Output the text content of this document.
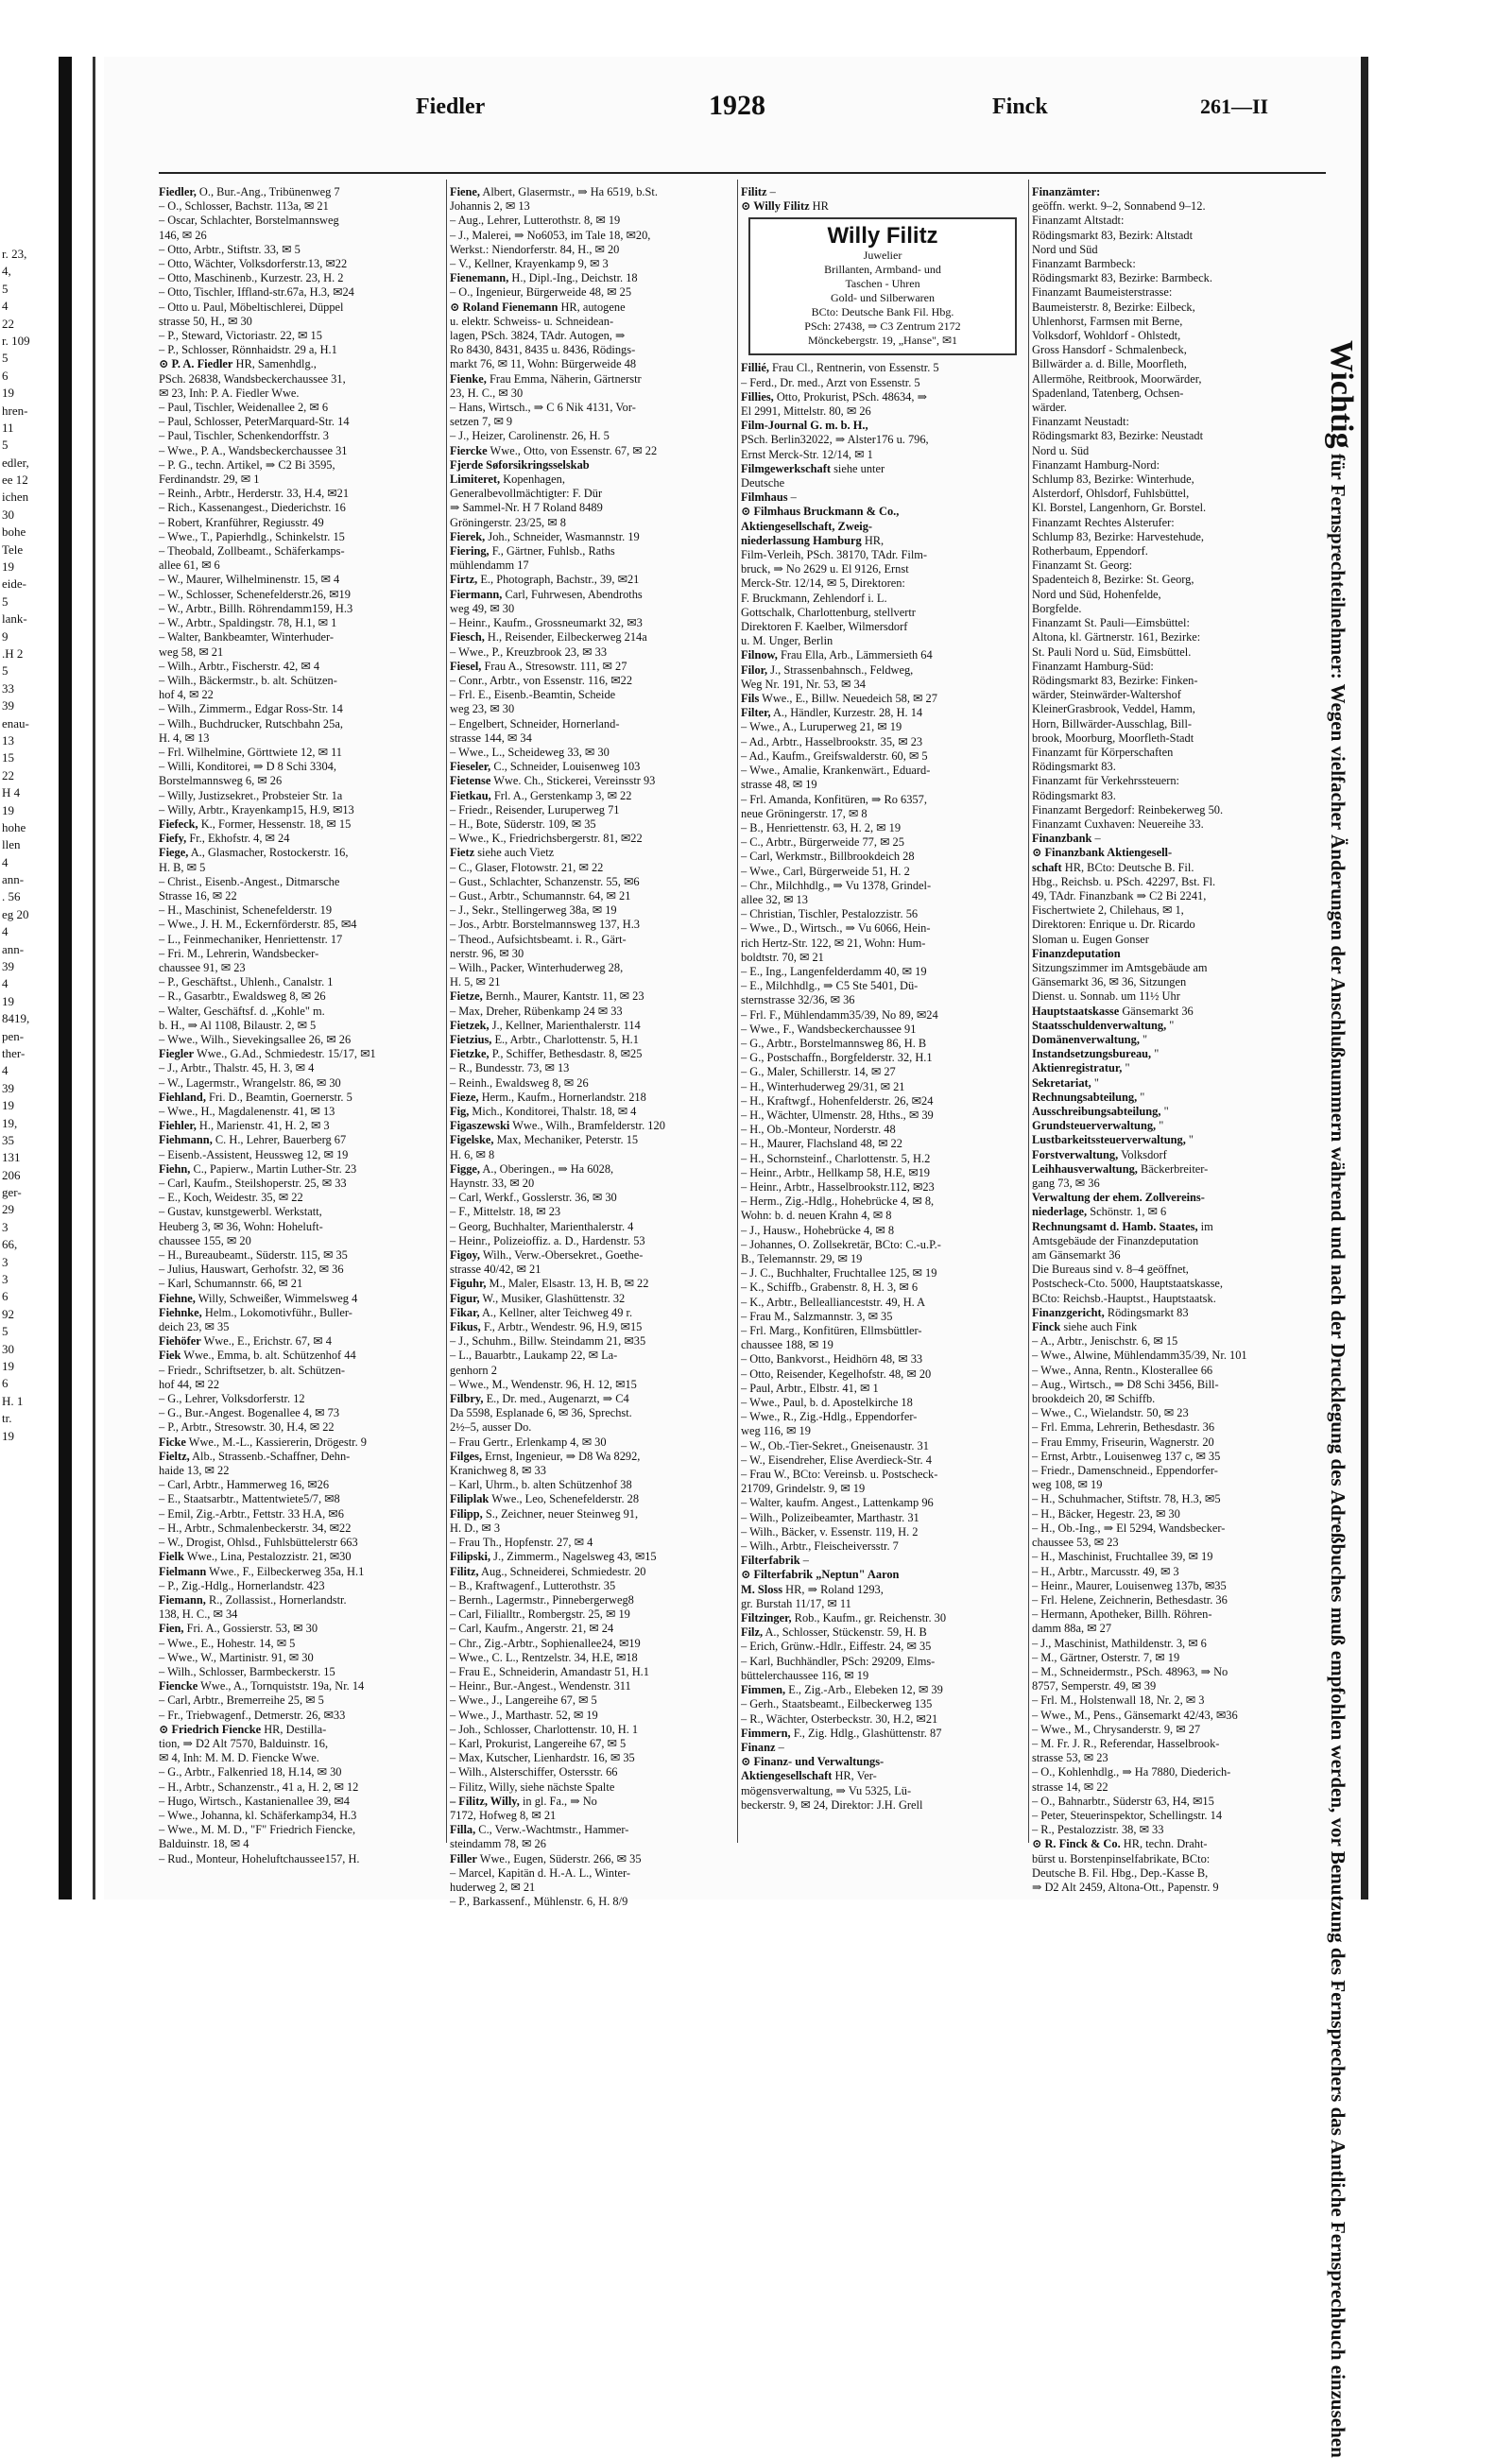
r. 23,
4,
5
4
22
r. 109
5
6
19
hren-
11
5
edler,
ee 12
ichen
30
bohe
Tele
19
eide-
5
lank-
9
.H 2
5
33
39
enau-
13
15
22
H 4
19
hohe
llen
4
ann-
. 56
eg 20
4
ann-
39
4
19
8419,
pen-
ther-
4
39
19
19,
35
131
206
ger-
29
3
66,
3
3
6
92
5
30
19
6
H. 1
tr.
19
Fiedler	1928	Finck	261—II
Fiedler, O., Bur.-Ang., Tribünenweg 7
– O., Schlosser, Bachstr. 113a, ✉ 21
– Oscar, Schlachter, Borstelmannsweg
146, ✉ 26
– Otto, Arbtr., Stiftstr. 33, ✉ 5
– Otto, Wächter, Volksdorferstr.13, ✉22
– Otto, Maschinenb., Kurzestr. 23, H. 2
– Otto, Tischler, Iffland-str.67a, H.3, ✉24
– Otto u. Paul, Möbeltischlerei, Düppel
strasse 50, H., ✉ 30
– P., Steward, Victoriastr. 22, ✉ 15
– P., Schlosser, Rönnhaidstr. 29 a, H.1
⊙ P. A. Fiedler HR, Samenhdlg.,
PSch. 26838, Wandsbeckerchaussee 31,
✉ 23, Inh: P. A. Fiedler Wwe.
– Paul, Tischler, Weidenallee 2, ✉ 6
– Paul, Schlosser, PeterMarquard-Str. 14
– Paul, Tischler, Schenkendorffstr. 3
– Wwe., P. A., Wandsbeckerchaussee 31
– P. G., techn. Artikel, ⇒ C2 Bi 3595,
Ferdinandstr. 29, ✉ 1
– Reinh., Arbtr., Herderstr. 33, H.4, ✉21
– Rich., Kassenangest., Diederichstr. 16
– Robert, Kranführer, Regiusstr. 49
– Wwe., T., Papierhdlg., Schinkelstr. 15
– Theobald, Zollbeamt., Schäferkamps-
allee 61, ✉ 6
– W., Maurer, Wilhelminenstr. 15, ✉ 4
– W., Schlosser, Schenefelderstr.26, ✉19
– W., Arbtr., Billh. Röhrendamm159, H.3
– W., Arbtr., Spaldingstr. 78, H.1, ✉ 1
– Walter, Bankbeamter, Winterhuder-
weg 58, ✉ 21
– Wilh., Arbtr., Fischerstr. 42, ✉ 4
– Wilh., Bäckermstr., b. alt. Schützen-
hof 4, ✉ 22
– Wilh., Zimmerm., Edgar Ross-Str. 14
– Wilh., Buchdrucker, Rutschbahn 25a,
H. 4, ✉ 13
– Frl. Wilhelmine, Görttwiete 12, ✉ 11
– Willi, Konditorei, ⇒ D 8 Schi 3304,
Borstelmannsweg 6, ✉ 26
– Willy, Justizsekret., Probsteier Str. 1a
– Willy, Arbtr., Krayenkamp15, H.9, ✉13
Fiefeck, K., Former, Hessenstr. 18, ✉ 15
Fiefy, Fr., Ekhofstr. 4, ✉ 24
Fiege, A., Glasmacher, Rostockerstr. 16,
H. B, ✉ 5
– Christ., Eisenb.-Angest., Ditmarsche
Strasse 16, ✉ 22
– H., Maschinist, Schenefelderstr. 19
– Wwe., J. H. M., Eckernförderstr. 85, ✉4
– L., Feinmechaniker, Henriettenstr. 17
– Fri. M., Lehrerin, Wandsbecker-
chaussee 91, ✉ 23
– P., Geschäftst., Uhlenh., Canalstr. 1
– R., Gasarbtr., Ewaldsweg 8, ✉ 26
– Walter, Geschäftsf. d. „Kohle" m.
b. H., ⇒ Al 1108, Bilaustr. 2, ✉ 5
– Wwe., Wilh., Sievekingsallee 26, ✉ 26
Fiegler Wwe., G.Ad., Schmiedestr. 15/17, ✉1
– J., Arbtr., Thalstr. 45, H. 3, ✉ 4
– W., Lagermstr., Wrangelstr. 86, ✉ 30
Fiehland, Fri. D., Beamtin, Goernerstr. 5
– Wwe., H., Magdalenenstr. 41, ✉ 13
Fiehler, H., Marienstr. 41, H. 2, ✉ 3
Fiehmann, C. H., Lehrer, Bauerberg 67
– Eisenb.-Assistent, Heussweg 12, ✉ 19
Fiehn, C., Papierw., Martin Luther-Str. 23
– Carl, Kaufm., Steilshoperstr. 25, ✉ 33
– E., Koch, Weidestr. 35, ✉ 22
– Gustav, kunstgewerbl. Werkstatt,
Heuberg 3, ✉ 36, Wohn: Hoheluft-
chaussee 155, ✉ 20
– H., Bureaubeamt., Süderstr. 115, ✉ 35
– Julius, Hauswart, Gerhofstr. 32, ✉ 36
– Karl, Schumannstr. 66, ✉ 21
Fiehne, Willy, Schweißer, Wimmelsweg 4
Fiehnke, Helm., Lokomotivführ., Buller-
deich 23, ✉ 35
Fiehöfer Wwe., E., Erichstr. 67, ✉ 4
Fiek Wwe., Emma, b. alt. Schützenhof 44
– Friedr., Schriftsetzer, b. alt. Schützen-
hof 44, ✉ 22
– G., Lehrer, Volksdorferstr. 12
– G., Bur.-Angest. Bogenallee 4, ✉ 73
– P., Arbtr., Stresowstr. 30, H.4, ✉ 22
Ficke Wwe., M.-L., Kassiererin, Drögestr. 9
Fieltz, Alb., Strassenb.-Schaffner, Dehn-
haide 13, ✉ 22
– Carl, Arbtr., Hammerweg 16, ✉26
– E., Staatsarbtr., Mattentwiete5/7, ✉8
– Emil, Zig.-Arbtr., Fettstr. 33 H.A, ✉6
– H., Arbtr., Schmalenbeckerstr. 34, ✉22
– W., Drogist, Ohlsd., Fuhlsbüttelerstr 663
Fielk Wwe., Lina, Pestalozzistr. 21, ✉30
Fielmann Wwe., F., Eilbeckerweg 35a, H.1
– P., Zig.-Hdlg., Hornerlandstr. 423
Fiemann, R., Zollassist., Hornerlandstr.
138, H. C., ✉ 34
Fien, Fri. A., Gossierstr. 53, ✉ 30
– Wwe., E., Hohestr. 14, ✉ 5
– Wwe., W., Martinistr. 91, ✉ 30
– Wilh., Schlosser, Barmbeckerstr. 15
Fiencke Wwe., A., Tornquiststr. 19a, Nr. 14
– Carl, Arbtr., Bremerreihe 25, ✉ 5
– Fr., Triebwagenf., Detmerstr. 26, ✉33
⊙ Friedrich Fiencke HR, Destilla-
tion, ⇒ D2 Alt 7570, Balduinstr. 16,
✉ 4, Inh: M. M. D. Fiencke Wwe.
– G., Arbtr., Falkenried 18, H.14, ✉ 30
– H., Arbtr., Schanzenstr., 41 a, H. 2, ✉ 12
– Hugo, Wirtsch., Kastanienallee 39, ✉4
– Wwe., Johanna, kl. Schäferkamp34, H.3
– Wwe., M. M. D., "F" Friedrich Fiencke,
Balduinstr. 18, ✉ 4
– Rud., Monteur, Hoheluftchaussee157, H.
Fiene, Albert, Glasermstr., ⇒ Ha 6519, b.St.
Johannis 2, ✉ 13
– Aug., Lehrer, Lutterothstr. 8, ✉ 19
– J., Malerei, ⇒ No6053, im Tale 18, ✉20,
Werkst.: Niendorferstr. 84, H., ✉ 20
– V., Kellner, Krayenkamp 9, ✉ 3
Fienemann, H., Dipl.-Ing., Deichstr. 18
– O., Ingenieur, Bürgerweide 48, ✉ 25
⊙ Roland Fienemann HR, autogene
u. elektr. Schweiss- u. Schneidean-
lagen, PSch. 3824, TAdr. Autogen, ⇒
Ro 8430, 8431, 8435 u. 8436, Rödings-
markt 76, ✉ 11, Wohn: Bürgerweide 48
Fienke, Frau Emma, Näherin, Gärtnerstr
23, H. C., ✉ 30
– Hans, Wirtsch., ⇒ C 6 Nik 4131, Vor-
setzen 7, ✉ 9
– J., Heizer, Carolinenstr. 26, H. 5
Fiercke Wwe., Otto, von Essenstr. 67, ✉ 22
Fjerde Søforsikringsselskab
Limiteret, Kopenhagen,
Generalbevollmächtigter: F. Dür
⇒ Sammel-Nr. H 7 Roland 8489
Gröningerstr. 23/25, ✉ 8
Fierek, Joh., Schneider, Wasmannstr. 19
Fiering, F., Gärtner, Fuhlsb., Raths
mühlendamm 17
Firtz, E., Photograph, Bachstr., 39, ✉21
Fiermann, Carl, Fuhrwesen, Abendroths
weg 49, ✉ 30
– Heinr., Kaufm., Grossneumarkt 32, ✉3
Fiesch, H., Reisender, Eilbeckerweg 214a
– Wwe., P., Kreuzbrook 23, ✉ 33
Fiesel, Frau A., Stresowstr. 111, ✉ 27
– Conr., Arbtr., von Essenstr. 116, ✉22
– Frl. E., Eisenb.-Beamtin, Scheide
weg 23, ✉ 30
– Engelbert, Schneider, Hornerland-
strasse 144, ✉ 34
– Wwe., L., Scheideweg 33, ✉ 30
Fieseler, C., Schneider, Louisenweg 103
Fietense Wwe. Ch., Stickerei, Vereinsstr 93
Fietkau, Frl. A., Gerstenkamp 3, ✉ 22
– Friedr., Reisender, Luruperweg 71
– H., Bote, Süderstr. 109, ✉ 35
– Wwe., K., Friedrichsbergerstr. 81, ✉22
Fietz siehe auch Vietz
– C., Glaser, Flotowstr. 21, ✉ 22
– Gust., Schlachter, Schanzenstr. 55, ✉6
– Gust., Arbtr., Schumannstr. 64, ✉ 21
– J., Sekr., Stellingerweg 38a, ✉ 19
– Jos., Arbtr. Borstelmannsweg 137, H.3
– Theod., Aufsichtsbeamt. i. R., Gärt-
nerstr. 96, ✉ 30
– Wilh., Packer, Winterhuderweg 28,
H. 5, ✉ 21
Fietze, Bernh., Maurer, Kantstr. 11, ✉ 23
– Max, Dreher, Rübenkamp 24 ✉ 33
Fietzek, J., Kellner, Marienthalerstr. 114
Fietzius, E., Arbtr., Charlottenstr. 5, H.1
Fietzke, P., Schiffer, Bethesdastr. 8, ✉25
– R., Bundesstr. 73, ✉ 13
– Reinh., Ewaldsweg 8, ✉ 26
Fieze, Herm., Kaufm., Hornerlandstr. 218
Fig, Mich., Konditorei, Thalstr. 18, ✉ 4
Figaszewski Wwe., Wilh., Bramfelderstr. 120
Figelske, Max, Mechaniker, Peterstr. 15
H. 6, ✉ 8
Figge, A., Oberingen., ⇒ Ha 6028,
Haynstr. 33, ✉ 20
– Carl, Werkf., Gosslerstr. 36, ✉ 30
– F., Mittelstr. 18, ✉ 23
– Georg, Buchhalter, Marienthalerstr. 4
– Heinr., Polizeioffiz. a. D., Hardenstr. 53
Figoy, Wilh., Verw.-Obersekret., Goethe-
strasse 40/42, ✉ 21
Figuhr, M., Maler, Elsastr. 13, H. B, ✉ 22
Figur, W., Musiker, Glashüttenstr. 32
Fikar, A., Kellner, alter Teichweg 49 r.
Fikus, F., Arbtr., Wendestr. 96, H.9, ✉15
– J., Schuhm., Billw. Steindamm 21, ✉35
– L., Bauarbtr., Laukamp 22, ✉ La-
genhorn 2
– Wwe., M., Wendenstr. 96, H. 12, ✉15
Filbry, E., Dr. med., Augenarzt, ⇒ C4
Da 5598, Esplanade 6, ✉ 36, Sprechst.
2½–5, ausser Do.
– Frau Gertr., Erlenkamp 4, ✉ 30
Filges, Ernst, Ingenieur, ⇒ D8 Wa 8292,
Kranichweg 8, ✉ 33
– Karl, Uhrm., b. alten Schützenhof 38
Filiplak Wwe., Leo, Schenefelderstr. 28
Filipp, S., Zeichner, neuer Steinweg 91,
H. D., ✉ 3
– Frau Th., Hopfenstr. 27, ✉ 4
Filipski, J., Zimmerm., Nagelsweg 43, ✉15
Filitz, Aug., Schneiderei, Schmiedestr. 20
– B., Kraftwagenf., Lutterothstr. 35
– Bernh., Lagermstr., Pinnebergerweg8
– Carl, Filialltr., Rombergstr. 25, ✉ 19
– Carl, Kaufm., Angerstr. 21, ✉ 24
– Chr., Zig.-Arbtr., Sophienallee24, ✉19
– Wwe., C. L., Rentzelstr. 34, H.E, ✉18
– Frau E., Schneiderin, Amandastr 51, H.1
– Heinr., Bur.-Angest., Wendenstr. 311
– Wwe., J., Langereihe 67, ✉ 5
– Wwe., J., Marthastr. 52, ✉ 19
– Joh., Schlosser, Charlottenstr. 10, H. 1
– Karl, Prokurist, Langereihe 67, ✉ 5
– Max, Kutscher, Lienhardstr. 16, ✉ 35
– Wilh., Alsterschiffer, Ostersstr. 66
– Filitz, Willy, siehe nächste Spalte
– Filitz, Willy, in gl. Fa., ⇒ No
7172, Hofweg 8, ✉ 21
Filla, C., Verw.-Wachtmstr., Hammer-
steindamm 78, ✉ 26
Filler Wwe., Eugen, Süderstr. 266, ✉ 35
– Marcel, Kapitän d. H.-A. L., Winter-
huderweg 2, ✉ 21
– P., Barkassenf., Mühlenstr. 6, H. 8/9
Filitz –
⊙ Willy Filitz HR
Willy Filitz
Juwelier
Brillanten, Armband- und
Taschen - Uhren
Gold- und Silberwaren
BCto: Deutsche Bank Fil. Hbg.
PSch: 27438, ⇒ C3 Zentrum 2172
Mönckebergstr. 19, „Hanse", ✉1
Fillié, Frau Cl., Rentnerin, von Essenstr. 5
– Ferd., Dr. med., Arzt von Essenstr. 5
Fillies, Otto, Prokurist, PSch. 48634, ⇒
El 2991, Mittelstr. 80, ✉ 26
Film-Journal G. m. b. H.,
PSch. Berlin32022, ⇒ Alster176 u. 796,
Ernst Merck-Str. 12/14, ✉ 1
Filmgewerkschaft siehe unter
Deutsche
Filmhaus –
⊙ Filmhaus Bruckmann & Co.,
Aktiengesellschaft, Zweig-
niederlassung Hamburg HR,
Film-Verleih, PSch. 38170, TAdr. Film-
bruck, ⇒ No 2629 u. El 9126, Ernst
Merck-Str. 12/14, ✉ 5, Direktoren:
F. Bruckmann, Zehlendorf i. L.
Gottschalk, Charlottenburg, stellvertr
Direktoren F. Kaelber, Wilmersdorf
u. M. Unger, Berlin
Filnow, Frau Ella, Arb., Lämmersieth 64
Filor, J., Strassenbahnsch., Feldweg,
Weg Nr. 191, Nr. 53, ✉ 34
Fils Wwe., E., Billw. Neuedeich 58, ✉ 27
Filter, A., Händler, Kurzestr. 28, H. 14
– Wwe., A., Luruperweg 21, ✉ 19
– Ad., Arbtr., Hasselbrookstr. 35, ✉ 23
– Ad., Kaufm., Greifswalderstr. 60, ✉ 5
– Wwe., Amalie, Krankenwärt., Eduard-
strasse 48, ✉ 19
– Frl. Amanda, Konfitüren, ⇒ Ro 6357,
neue Gröningerstr. 17, ✉ 8
– B., Henriettenstr. 63, H. 2, ✉ 19
– C., Arbtr., Bürgerweide 77, ✉ 25
– Carl, Werkmstr., Billbrookdeich 28
– Wwe., Carl, Bürgerweide 51, H. 2
– Chr., Milchhdlg., ⇒ Vu 1378, Grindel-
allee 32, ✉ 13
– Christian, Tischler, Pestalozzistr. 56
– Wwe., D., Wirtsch., ⇒ Vu 6066, Hein-
rich Hertz-Str. 122, ✉ 21, Wohn: Hum-
boldtstr. 70, ✉ 21
– E., Ing., Langenfelderdamm 40, ✉ 19
– E., Milchhdlg., ⇒ C5 Ste 5401, Dü-
sternstrasse 32/36, ✉ 36
– Frl. F., Mühlendamm35/39, No 89, ✉24
– Wwe., F., Wandsbeckerchaussee 91
– G., Arbtr., Borstelmannsweg 86, H. B
– G., Postschaffn., Borgfelderstr. 32, H.1
– G., Maler, Schillerstr. 14, ✉ 27
– H., Winterhuderweg 29/31, ✉ 21
– H., Kraftwgf., Hohenfelderstr. 26, ✉24
– H., Wächter, Ulmenstr. 28, Hths., ✉ 39
– H., Ob.-Monteur, Norderstr. 48
– H., Maurer, Flachsland 48, ✉ 22
– H., Schornsteinf., Charlottenstr. 5, H.2
– Heinr., Arbtr., Hellkamp 58, H.E, ✉19
– Heinr., Arbtr., Hasselbrookstr.112, ✉23
– Herm., Zig.-Hdlg., Hohebrücke 4, ✉ 8,
Wohn: b. d. neuen Krahn 4, ✉ 8
– J., Hausw., Hohebrücke 4, ✉ 8
– Johannes, O. Zollsekretär, BCto: C.-u.P.-
B., Telemannstr. 29, ✉ 19
– J. C., Buchhalter, Fruchtallee 125, ✉ 19
– K., Schiffb., Grabenstr. 8, H. 3, ✉ 6
– K., Arbtr., Belleallianceststr. 49, H. A
– Frau M., Salzmannstr. 3, ✉ 35
– Frl. Marg., Konfitüren, Ellmsbüttler-
chaussee 188, ✉ 19
– Otto, Bankvorst., Heidhörn 48, ✉ 33
– Otto, Reisender, Kegelhofstr. 48, ✉ 20
– Paul, Arbtr., Elbstr. 41, ✉ 1
– Wwe., Paul, b. d. Apostelkirche 18
– Wwe., R., Zig.-Hdlg., Eppendorfer-
weg 116, ✉ 19
– W., Ob.-Tier-Sekret., Gneisenaustr. 31
– W., Eisendreher, Elise Averdieck-Str. 4
– Frau W., BCto: Vereinsb. u. Postscheck-
21709, Grindelstr. 9, ✉ 19
– Walter, kaufm. Angest., Lattenkamp 96
– Wilh., Polizeibeamter, Marthastr. 31
– Wilh., Bäcker, v. Essenstr. 119, H. 2
– Wilh., Arbtr., Fleischeiversstr. 7
Filterfabrik –
⊙ Filterfabrik „Neptun" Aaron
M. Sloss HR, ⇒ Roland 1293,
gr. Burstah 11/17, ✉ 11
Filtzinger, Rob., Kaufm., gr. Reichenstr. 30
Filz, A., Schlosser, Stückenstr. 59, H. B
– Erich, Grünw.-Hdlr., Eiffestr. 24, ✉ 35
– Karl, Buchhändler, PSch: 29209, Elms-
büttelerchaussee 116, ✉ 19
Fimmen, E., Zig.-Arb., Elebeken 12, ✉ 39
– Gerh., Staatsbeamt., Eilbeckerweg 135
– R., Wächter, Osterbeckstr. 30, H.2, ✉21
Fimmern, F., Zig. Hdlg., Glashüttenstr. 87
Finanz –
⊙ Finanz- und Verwaltungs-
Aktiengesellschaft HR, Ver-
mögensverwaltung, ⇒ Vu 5325, Lü-
beckerstr. 9, ✉ 24, Direktor: J.H. Grell
Finanzämter:
geöffn. werkt. 9–2, Sonnabend 9–12.
Finanzamt Altstadt:
Rödingsmarkt 83, Bezirk: Altstadt
Nord und Süd
Finanzamt Barmbeck:
Rödingsmarkt 83, Bezirke: Barmbeck.
Finanzamt Baumeisterstrasse:
Baumeisterstr. 8, Bezirke: Eilbeck,
Uhlenhorst, Farmsen mit Berne,
Volksdorf, Wohldorf - Ohlstedt,
Gross Hansdorf - Schmalenbeck,
Billwärder a. d. Bille, Moorfleth,
Allermöhe, Reitbrook, Moorwärder,
Spadenland, Tatenberg, Ochsen-
wärder.
Finanzamt Neustadt:
Rödingsmarkt 83, Bezirke: Neustadt
Nord u. Süd
Finanzamt Hamburg-Nord:
Schlump 83, Bezirke: Winterhude,
Alsterdorf, Ohlsdorf, Fuhlsbüttel,
Kl. Borstel, Langenhorn, Gr. Borstel.
Finanzamt Rechtes Alsterufer:
Schlump 83, Bezirke: Harvestehude,
Rotherbaum, Eppendorf.
Finanzamt St. Georg:
Spadenteich 8, Bezirke: St. Georg,
Nord und Süd, Hohenfelde,
Borgfelde.
Finanzamt St. Pauli—Eimsbüttel:
Altona, kl. Gärtnerstr. 161, Bezirke:
St. Pauli Nord u. Süd, Eimsbüttel.
Finanzamt Hamburg-Süd:
Rödingsmarkt 83, Bezirke: Finken-
wärder, Steinwärder-Waltershof
KleinerGrasbrook, Veddel, Hamm,
Horn, Billwärder-Ausschlag, Bill-
brook, Moorburg, Moorfleth-Stadt
Finanzamt für Körperschaften
Rödingsmarkt 83.
Finanzamt für Verkehrssteuern:
Rödingsmarkt 83.
Finanzamt Bergedorf: Reinbekerweg 50.
Finanzamt Cuxhaven: Neuereihe 33.
Finanzbank –
⊙ Finanzbank Aktiengesell-
schaft HR, BCto: Deutsche B. Fil.
Hbg., Reichsb. u. PSch. 42297, Bst. Fl.
49, TAdr. Finanzbank ⇒ C2 Bi 2241,
Fischertwiete 2, Chilehaus, ✉ 1,
Direktoren: Enrique u. Dr. Ricardo
Sloman u. Eugen Gonser
Finanzdeputation
Sitzungszimmer im Amtsgebäude am
Gänsemarkt 36, ✉ 36, Sitzungen
Dienst. u. Sonnab. um 11½ Uhr
Hauptstaatskasse Gänsemarkt 36
Staatsschuldenverwaltung, "
Domänenverwaltung, "
Instandsetzungsbureau, "
Aktienregistratur, "
Sekretariat, "
Rechnungsabteilung, "
Ausschreibungsabteilung, "
Grundsteuerverwaltung, "
Lustbarkeitssteuerverwaltung, "
Forstverwaltung, Volksdorf
Leihhausverwaltung, Bäckerbreiter-
gang 73, ✉ 36
Verwaltung der ehem. Zollvereins-
niederlage, Schönstr. 1, ✉ 6
Rechnungsamt d. Hamb. Staates, im
Amtsgebäude der Finanzdeputation
am Gänsemarkt 36
Die Bureaus sind v. 8–4 geöffnet,
Postscheck-Cto. 5000, Hauptstaatskasse,
BCto: Reichsb.-Hauptst., Hauptstaatsk.
Finanzgericht, Rödingsmarkt 83
Finck siehe auch Fink
– A., Arbtr., Jenischstr. 6, ✉ 15
– Wwe., Alwine, Mühlendamm35/39, Nr. 101
– Wwe., Anna, Rentn., Klosterallee 66
– Aug., Wirtsch., ⇒ D8 Schi 3456, Bill-
brookdeich 20, ✉ Schiffb.
– Wwe., C., Wielandstr. 50, ✉ 23
– Frl. Emma, Lehrerin, Bethesdastr. 36
– Frau Emmy, Friseurin, Wagnerstr. 20
– Ernst, Arbtr., Louisenweg 137 c, ✉ 35
– Friedr., Damenschneid., Eppendorfer-
weg 108, ✉ 19
– H., Schuhmacher, Stiftstr. 78, H.3, ✉5
– H., Bäcker, Hegestr. 23, ✉ 30
– H., Ob.-Ing., ⇒ El 5294, Wandsbecker-
chaussee 53, ✉ 23
– H., Maschinist, Fruchtallee 39, ✉ 19
– H., Arbtr., Marcusstr. 49, ✉ 3
– Heinr., Maurer, Louisenweg 137b, ✉35
– Frl. Helene, Zeichnerin, Bethesdastr. 36
– Hermann, Apotheker, Billh. Röhren-
damm 88a, ✉ 27
– J., Maschinist, Mathildenstr. 3, ✉ 6
– M., Gärtner, Osterstr. 7, ✉ 19
– M., Schneidermstr., PSch. 48963, ⇒ No
8757, Semperstr. 49, ✉ 39
– Frl. M., Holstenwall 18, Nr. 2, ✉ 3
– Wwe., M., Pens., Gänsemarkt 42/43, ✉36
– Wwe., M., Chrysanderstr. 9, ✉ 27
– M. Fr. J. R., Referendar, Hasselbrook-
strasse 53, ✉ 23
– O., Kohlenhdlg., ⇒ Ha 7880, Diederich-
strasse 14, ✉ 22
– O., Bahnarbtr., Süderstr 63, H4, ✉15
– Peter, Steuerinspektor, Schellingstr. 14
– R., Pestalozzistr. 38, ✉ 33
⊙ R. Finck & Co. HR, techn. Draht-
bürst u. Borstenpinselfabrikate, BCto:
Deutsche B. Fil. Hbg., Dep.-Kasse B,
⇒ D2 Alt 2459, Altona-Ott., Papenstr. 9
Wichtig für Fernsprechteilnehmer: Wegen vielfacher Änderungen der Anschlußnummern während und nach der Drucklegung des Adreßbuches muß empfohlen werden, vor Benutzung des Fernsprechers das Amtliche Fernsprechbuch einzusehen
